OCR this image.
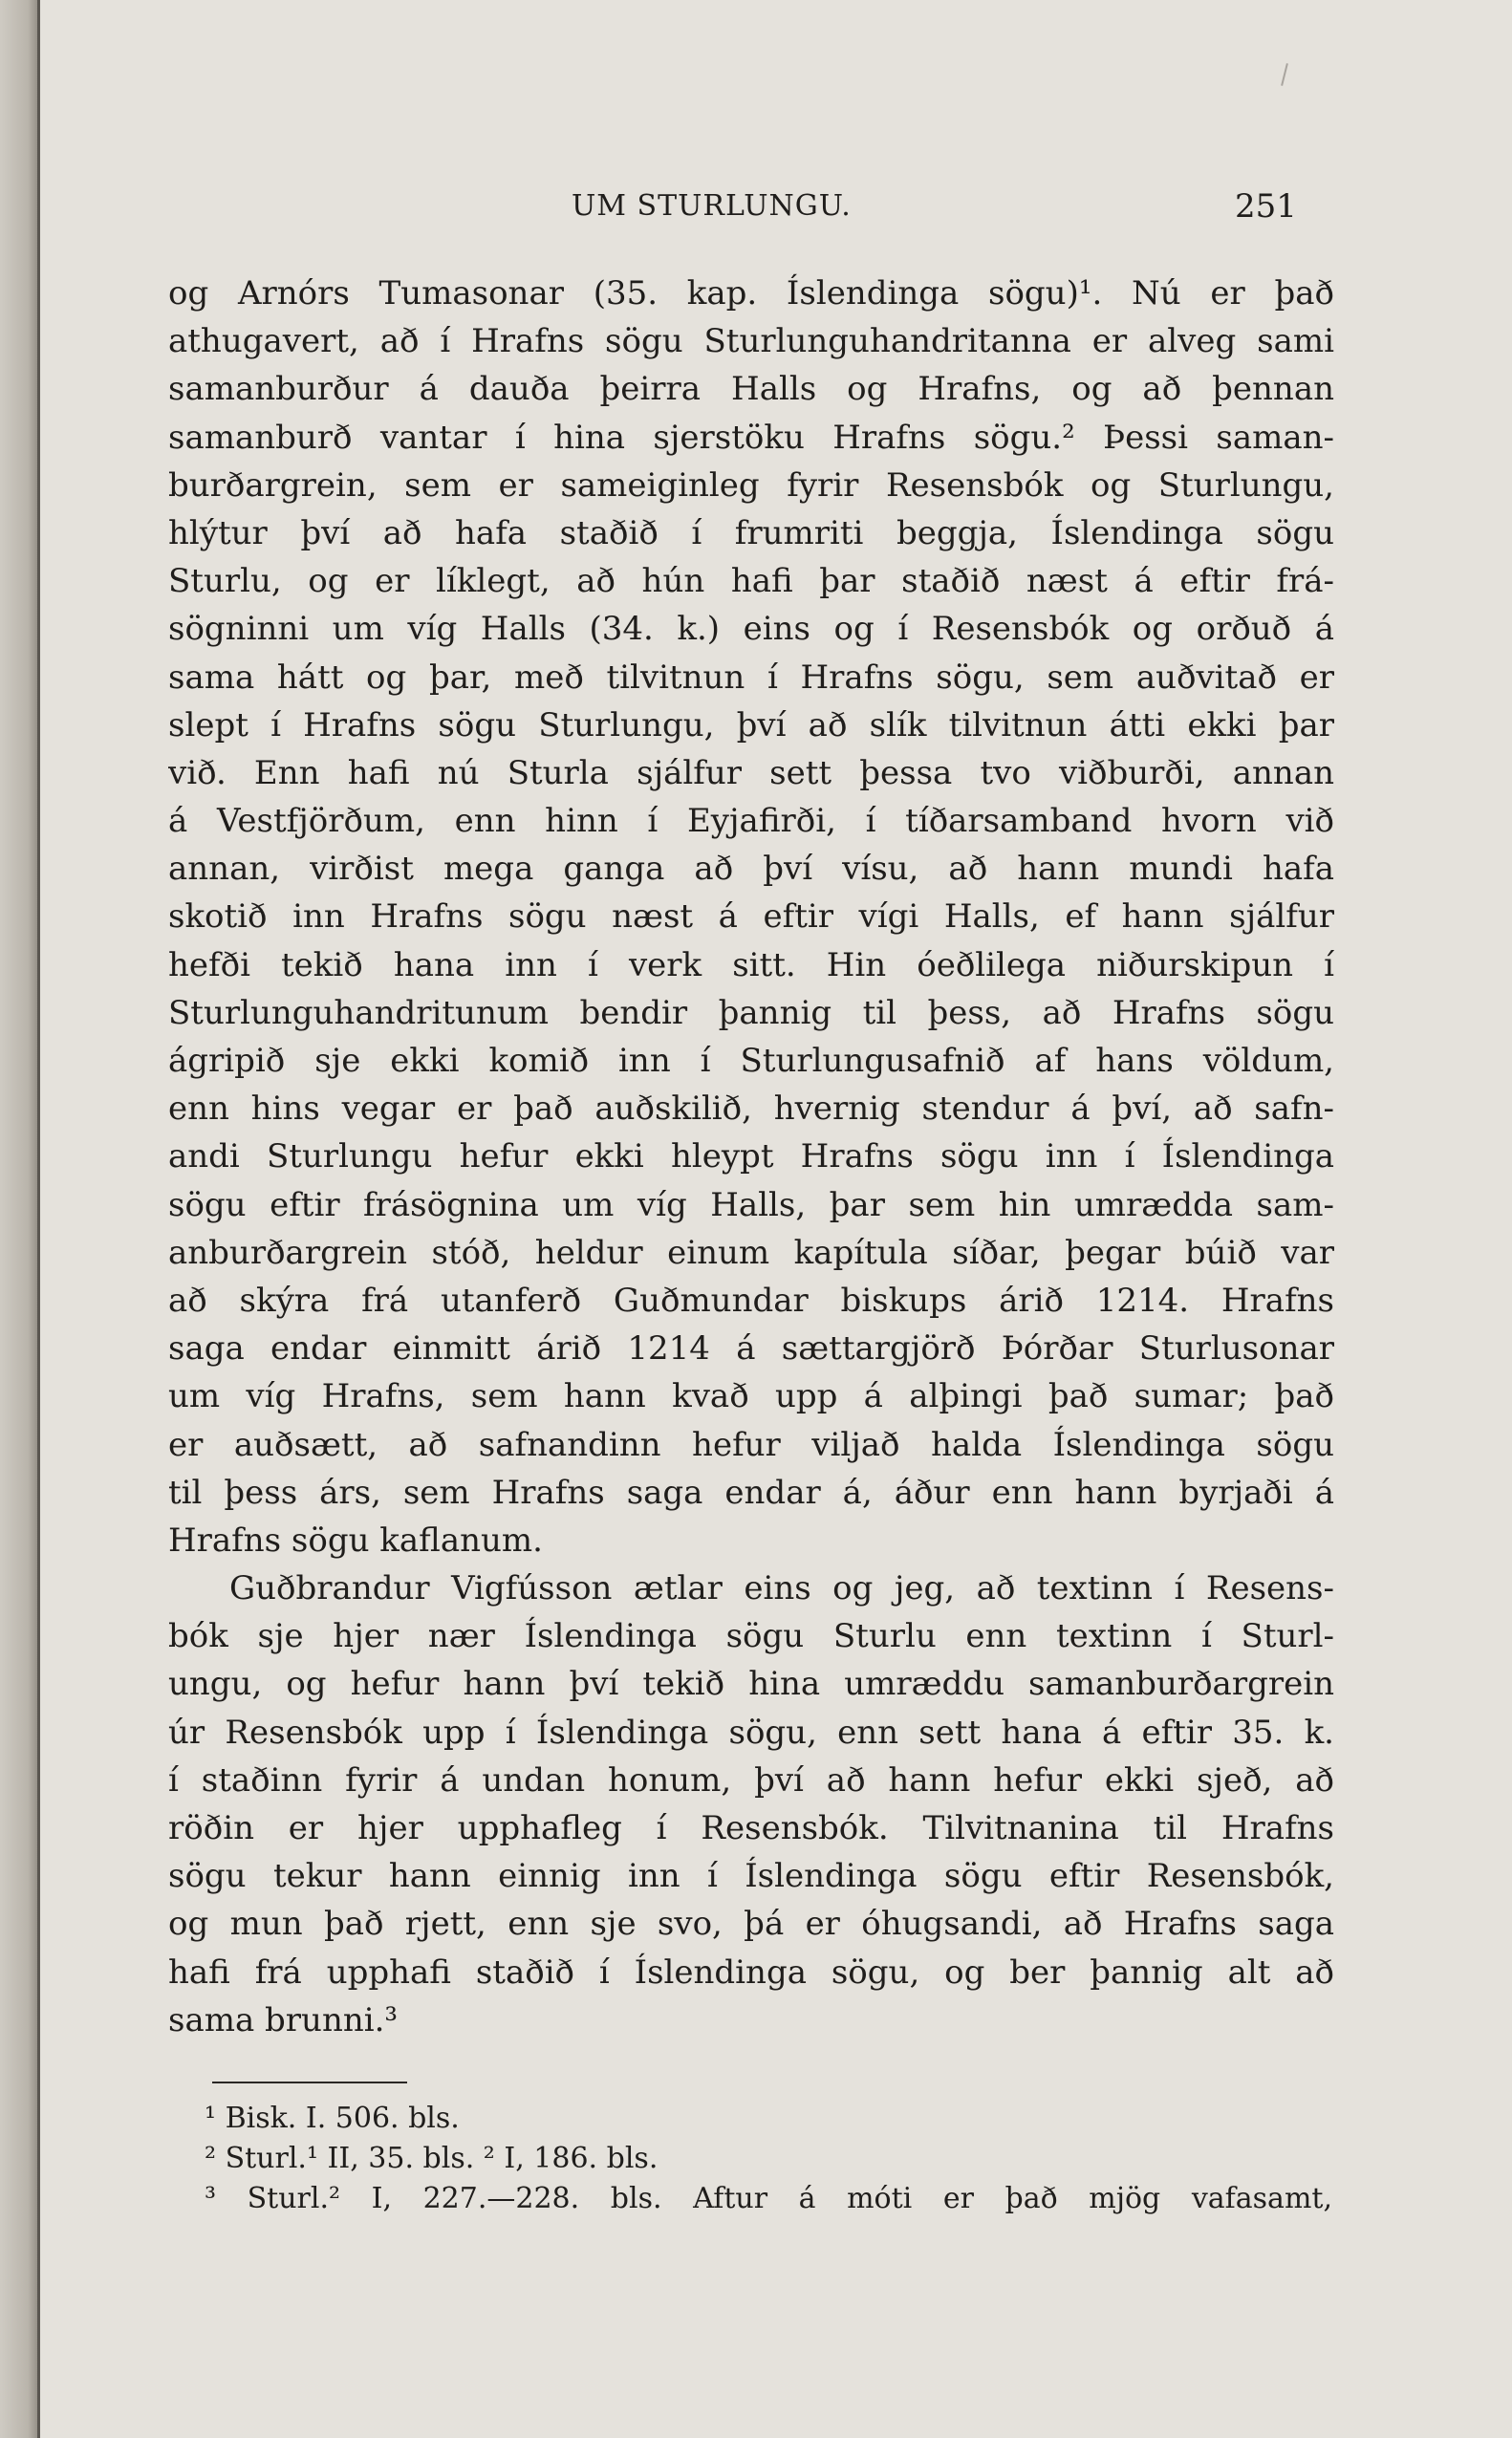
UM STURLUNGU.	251
og Arnórs Tumasonar (35. kap. Íslendinga sögu)¹. Nú er það
athugavert, að í Hrafns sögu Sturlunguhandritanna er alveg sami
samanburður á dauða þeirra Halls og Hrafns, og að þennan
samanburð vantar í hina sjerstöku Hrafns sögu.² Þessi saman-
burðargrein, sem er sameiginleg fyrir Resensbók og Sturlungu,
hlýtur því að hafa staðið í frumriti beggja, Íslendinga sögu
Sturlu, og er líklegt, að hún hafi þar staðið næst á eftir frá-
sögninni um víg Halls (34. k.) eins og í Resensbók og orðuð á
sama hátt og þar, með tilvitnun í Hrafns sögu, sem auðvitað er
slept í Hrafns sögu Sturlungu, því að slík tilvitnun átti ekki þar
við. Enn hafi nú Sturla sjálfur sett þessa tvo viðburði, annan
á Vestfjörðum, enn hinn í Eyjafirði, í tíðarsamband hvorn við
annan, virðist mega ganga að því vísu, að hann mundi hafa
skotið inn Hrafns sögu næst á eftir vígi Halls, ef hann sjálfur
hefði tekið hana inn í verk sitt. Hin óeðlilega niðurskipun í
Sturlunguhandritunum bendir þannig til þess, að Hrafns sögu
ágripið sje ekki komið inn í Sturlungusafnið af hans völdum,
enn hins vegar er það auðskilið, hvernig stendur á því, að safn-
andi Sturlungu hefur ekki hleypt Hrafns sögu inn í Íslendinga
sögu eftir frásögnina um víg Halls, þar sem hin umrædda sam-
anburðargrein stóð, heldur einum kapítula síðar, þegar búið var
að skýra frá utanferð Guðmundar biskups árið 1214. Hrafns
saga endar einmitt árið 1214 á sættargjörð Þórðar Sturlusonar
um víg Hrafns, sem hann kvað upp á alþingi það sumar; það
er auðsætt, að safnandinn hefur viljað halda Íslendinga sögu
til þess árs, sem Hrafns saga endar á, áður enn hann byrjaði á
Hrafns sögu kaflanum.
Guðbrandur Vigfússon ætlar eins og jeg, að textinn í Resens-
bók sje hjer nær Íslendinga sögu Sturlu enn textinn í Sturl-
ungu, og hefur hann því tekið hina umræddu samanburðargrein
úr Resensbók upp í Íslendinga sögu, enn sett hana á eftir 35. k.
í staðinn fyrir á undan honum, því að hann hefur ekki sjeð, að
röðin er hjer upphafleg í Resensbók. Tilvitnanina til Hrafns
sögu tekur hann einnig inn í Íslendinga sögu eftir Resensbók,
og mun það rjett, enn sje svo, þá er óhugsandi, að Hrafns saga
hafi frá upphafi staðið í Íslendinga sögu, og ber þannig alt að
sama brunni.³
¹ Bisk. I. 506. bls.
² Sturl.¹ II, 35. bls. ² I, 186. bls.
³ Sturl.² I, 227.—228. bls. Aftur á móti er það mjög vafasamt,
